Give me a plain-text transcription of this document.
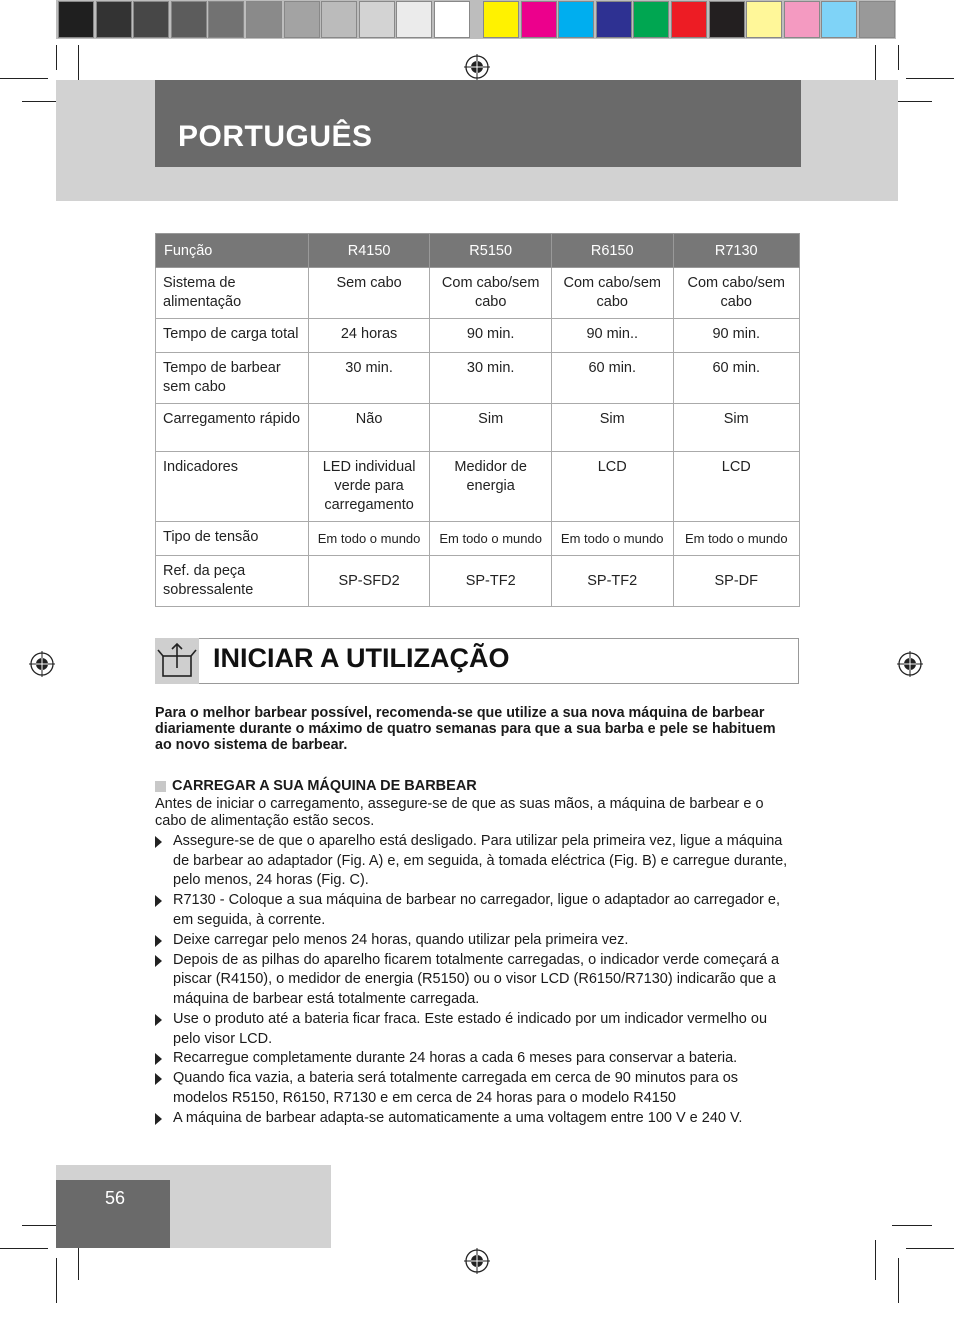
PORTUGUÊS
Função	R4150	R5150	R6150	R7130
Sistema de alimentação	Sem cabo	Com cabo/sem cabo	Com cabo/sem cabo	Com cabo/sem cabo
Tempo de carga total	24 horas	90 min.	90 min..	90 min.
Tempo de barbear sem cabo	30 min.	30 min.	60 min.	60 min.
Carregamento rápido	Não	Sim	Sim	Sim
Indicadores	LED individual verde para carregamento	Medidor de energia	LCD	LCD
Tipo de tensão	Em todo o mundo	Em todo o mundo	Em todo o mundo	Em todo o mundo
Ref. da peça sobressalente	SP-SFD2	SP-TF2	SP-TF2	SP-DF
INICIAR A UTILIZAÇÃO
Para o melhor barbear possível, recomenda-se que utilize a sua nova máquina de barbear diariamente durante o máximo de quatro semanas para que a sua barba e pele se habituem ao novo sistema de barbear.
CARREGAR A SUA MÁQUINA DE BARBEAR
Antes de iniciar o carregamento, assegure-se de que as suas mãos, a máquina de barbear e o cabo de alimentação estão secos.
Assegure-se de que o aparelho está desligado. Para utilizar pela primeira vez, ligue a máquina de barbear ao adaptador (Fig. A) e, em seguida, à tomada eléctrica (Fig. B) e carregue durante, pelo menos, 24 horas (Fig. C).
R7130 - Coloque a sua máquina de barbear no carregador, ligue o adaptador ao carregador e, em seguida, à corrente.
Deixe carregar pelo menos 24 horas, quando utilizar pela primeira vez.
Depois de as pilhas do aparelho ficarem totalmente carregadas, o indicador verde começará a piscar (R4150), o medidor de energia (R5150) ou o visor LCD (R6150/R7130) indicarão que a máquina de barbear está totalmente carregada.
Use o produto até a bateria ficar fraca. Este estado é indicado por um indicador vermelho ou pelo visor LCD.
Recarregue completamente durante 24 horas a cada 6 meses para conservar a bateria.
Quando fica vazia, a bateria será totalmente carregada em cerca de 90 minutos para os modelos R5150, R6150, R7130 e em cerca de 24 horas para o modelo R4150
A máquina de barbear adapta-se automaticamente a uma voltagem entre 100 V e 240 V.
56
